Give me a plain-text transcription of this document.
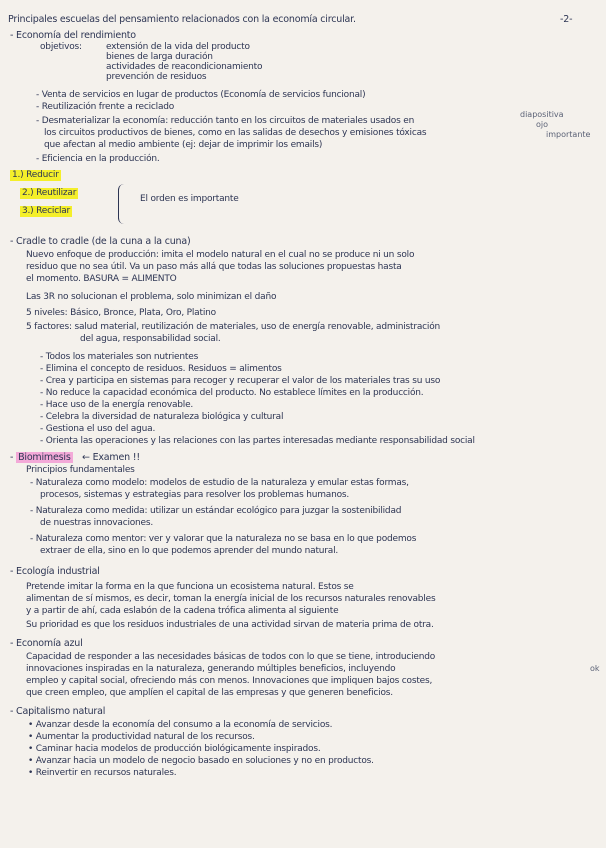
Principales escuelas del pensamiento relacionados con la economía circular.	-2-
- Economía del rendimiento
objetivos:	extensión de la vida del producto
bienes de larga duración
actividades de reacondicionamiento
prevención de residuos
- Venta de servicios en lugar de productos (Economía de servicios funcional)
- Reutilización frente a reciclado
- Desmaterializar la economía: reducción tanto en los circuitos de materiales usados en
los circuitos productivos de bienes, como en las salidas de desechos y emisiones tóxicas
que afectan al medio ambiente (ej: dejar de imprimir los emails)
- Eficiencia en la producción.
diapositiva
ojo
importante
1.) Reducir
2.) Reutilizar
3.) Reciclar
El orden es importante
- Cradle to cradle (de la cuna a la cuna)
Nuevo enfoque de producción: imita el modelo natural en el cual no se produce ni un solo
residuo que no sea útil. Va un paso más allá que todas las soluciones propuestas hasta
el momento. BASURA = ALIMENTO
Las 3R no solucionan el problema, solo minimizan el daño
5 niveles: Básico, Bronce, Plata, Oro, Platino
5 factores: salud material, reutilización de materiales, uso de energía renovable, administración
del agua, responsabilidad social.
- Todos los materiales son nutrientes
- Elimina el concepto de residuos. Residuos = alimentos
- Crea y participa en sistemas para recoger y recuperar el valor de los materiales tras su uso
- No reduce la capacidad económica del producto. No establece límites en la producción.
- Hace uso de la energía renovable.
- Celebra la diversidad de naturaleza biológica y cultural
- Gestiona el uso del agua.
- Orienta las operaciones y las relaciones con las partes interesadas mediante responsabilidad social
- Biomimesis ← Examen !!
Principios fundamentales
- Naturaleza como modelo: modelos de estudio de la naturaleza y emular estas formas,
procesos, sistemas y estrategias para resolver los problemas humanos.
- Naturaleza como medida: utilizar un estándar ecológico para juzgar la sostenibilidad
de nuestras innovaciones.
- Naturaleza como mentor: ver y valorar que la naturaleza no se basa en lo que podemos
extraer de ella, sino en lo que podemos aprender del mundo natural.
- Ecología industrial
Pretende imitar la forma en la que funciona un ecosistema natural. Estos se
alimentan de sí mismos, es decir, toman la energía inicial de los recursos naturales renovables
y a partir de ahí, cada eslabón de la cadena trófica alimenta al siguiente
Su prioridad es que los residuos industriales de una actividad sirvan de materia prima de otra.
- Economía azul
Capacidad de responder a las necesidades básicas de todos con lo que se tiene, introduciendo
innovaciones inspiradas en la naturaleza, generando múltiples beneficios, incluyendo
empleo y capital social, ofreciendo más con menos. Innovaciones que impliquen bajos costes,
que creen empleo, que amplíen el capital de las empresas y que generen beneficios.
ok
- Capitalismo natural
• Avanzar desde la economía del consumo a la economía de servicios.
• Aumentar la productividad natural de los recursos.
• Caminar hacia modelos de producción biológicamente inspirados.
• Avanzar hacia un modelo de negocio basado en soluciones y no en productos.
• Reinvertir en recursos naturales.
